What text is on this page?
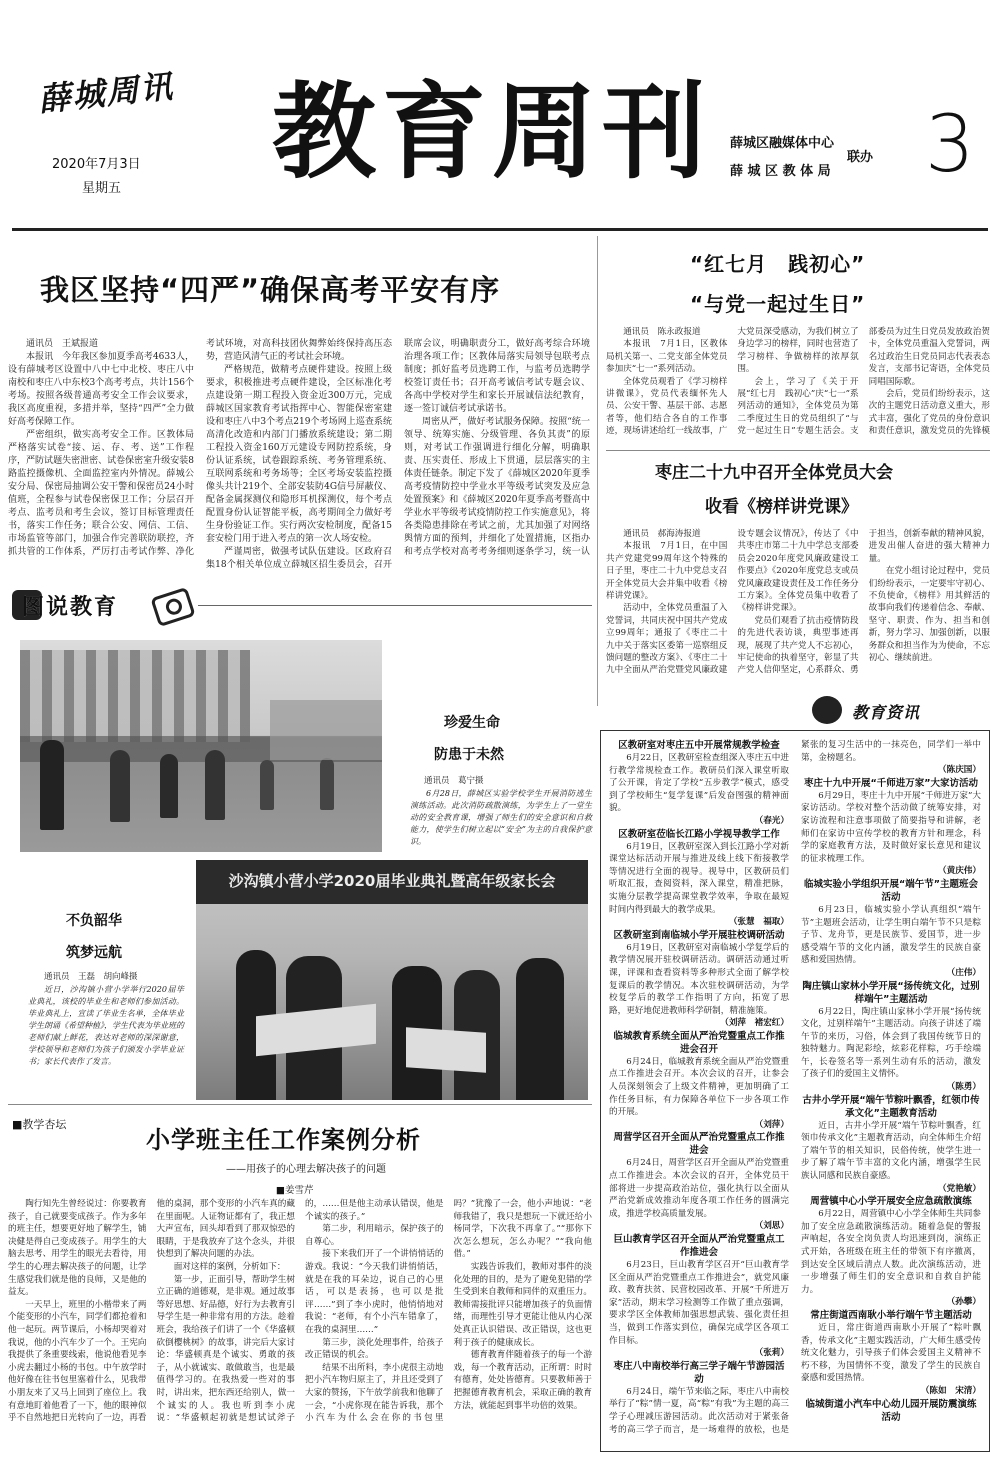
薛城周讯
2020年7月3日
星期五 教育周刊 薛城区融媒体中心
薛 城 区 教 体 局
联办 3
我区坚持“四严”确保高考平安有序
通讯员　王斌报道

本报讯　今年我区参加夏季高考4633人，设有薛城考区设置中八中七中北校、枣庄八中南校和枣庄八中东校3个高考考点，共计156个考场。按照各级普通高考安全工作会议要求，我区高度重视，多措并举，坚持“四严”全力做好高考保障工作。

严密组织，做实高考安全工作。区教体局严格落实试卷“接、运、存、考、送”工作程序，严防试题失密泄密、试卷保密室升级安装8路监控摄像机、全面监控室内外情况。薛城公安分局、保密局抽调公安干警和保密员24小时值班，全程参与试卷保密保卫工作；分层召开考点、监考员和考生会议，签订目标管理责任书，落实工作任务；联合公安、网信、工信、市场监管等部门，加强合作完善联防联控，齐抓共管的工作体系，严厉打击考试作弊、净化考试环境，对高科技团伙舞弊始终保持高压态势，营造风清气正的考试社会环境。

严格规范，做精考点硬件建设。按照上级要求，积极推进考点硬件建设，全区标准化考点建设第一期工程投入资金近300万元，完成薛城区国家教育考试指挥中心、智能保密室建设和枣庄八中3个考点219个考场网上巡查系统高清化改造和内部门门播放系统建设；第二期工程投入资金160万元建设专网防控系统，身份认证系统，试卷跟踪系统、考务管理系统、互联网系统和考务场等；全区考场安装监控摄像头共计219个、全部安装防4G信号屏蔽仪、配备金属探测仪和隐形耳机探测仪，每个考点配置身份认证智能平板，高考期间全力做好考生身份验证工作。实行两次安检制度，配备15套安检门用于进入考点的第一次人场安检。

严谨周密，做强考试队伍建设。区政府召集18个相关单位成立薛城区招生委员会，召开联席会议，明确职责分工，做好高考综合环境治理各项工作；区教体局落实局领导包联考点制度；抓好监考员选聘工作，与监考员选聘学校签订责任书；召开高考诚信考试专题会议、各高中学校对学生和家长开展诚信法纪教育，逐一签订诚信考试承诺书。

周密从严，做好考试服务保障。按照“统一领导、统筹实施、分级管理、各负其责”的原则，对考试工作强调进行细化分解，明确职责、压实责任、形成上下贯通，层层落实的主体责任链条。制定下发了《薛城区2020年夏季高考疫情防控中学业水平等级考试突发及应急处置预案》和《薛城区2020年夏季高考暨高中学业水平等级考试疫情防控工作实施意见》，将各类隐患排除在考试之前，尤其加强了对网络舆情方面的预判，并细化了处置措施，区指办和考点学校对高考考务细则逐条学习，统一认

“红七月　践初心”
“与党一起过生日”
通讯员　陈永政报道

本报讯　7月1日，区教体局机关第一、二党支部全体党员参加庆“七一”系列活动。

全体党员观看了《学习榜样讲微课》，党员代表缅怀先人员、公安干警、基层干部、志愿者等，他们结合各自的工作事迹，现场讲述给红一线故事，广大党员深受感动，为我们树立了身边学习的榜样，同时也营造了学习榜样、争做榜样的浓厚氛围。

会上，学习了《关于开展“红七月　践初心”庆“七一”系列活动的通知》，全体党员为第二季度过生日的党员组织了“与党一起过生日”专题生活会。支部委员为过生日党员发放政治贺卡，全体党员重温入党誓词，两名过政治生日党员同志代表表态发言，支部书记寄语，全体党员同唱国际歌。

会后，党员们纷纷表示，这次的主题党日活动意义重大，形式丰富，强化了党员的身份意识和责任意识，激发党员的先锋模

枣庄二十九中召开全体党员大会
收看《榜样讲党课》
通讯员　郝海涛报道

本报讯　7月1日，在中国共产党建党99周年这个特殊的日子里，枣庄二十九中党总支召开全体党员大会并集中收看《榜样讲党课》。

活动中，全体党员重温了入党誓词，共同庆祝中国共产党成立99周年；通报了《枣庄二十九中关于落实区委第一巡察组反馈问题的整改方案》、《枣庄二十九中全面从严治党暨党风廉政建设专题会议情况》，传达了《中共枣庄市第二十九中学总支部委员会2020年度党风廉政建设工作要点》《2020年度党总支或员党风廉政建设责任及工作任务分工方案》。全体党员集中收看了《榜样讲党课》。

党员们观看了抗击疫情防段的先进代表访谈，典型事迹再现，展现了共产党人不忘初心，牢记使命的执着坚守，彰显了共产党人信仰坚定，心系群众、勇于担当，创新奉献的精神风貌，进发出催人奋进的强大精神力量。

在党小组讨论过程中，党员们纷纷表示，一定要牢守初心、不负使命，《榜样》用其鲜活的故事向我们传递着信念、奉献、坚守、职责、作为、担当和创新，努力学习、加强创新，以服务群众和担当作为为使命，不忘初心、继续前进。

图说教育
珍爱生命
防患于未然
通讯员　葛宁摄
6月28日，薛城区实验学校学生开展消防逃生演练活动。此次消防疏散演练，为学生上了一堂生动的安全教育课，增强了师生们的安全意识和自救能力，使学生们树立起以“安全”为主的自我保护意识。
沙沟镇小营小学2020届毕业典礼暨高年级家长会
不负韶华
筑梦远航
通讯员　王磊　胡向峰摄
近日，沙沟镇小营小学举行2020届毕业典礼，该校的毕业生和老师们参加活动。毕业典礼上，宣读了毕业生名单，全体毕业学生朗诵《希望种植》，学生代表为毕业班的老师们献上鲜花，表达对老师的深深谢意，学校领导和老师们为孩子们颁发小学毕业证书；家长代表作了发言。
■教学杏坛
小学班主任工作案例分析
——用孩子的心理去解决孩子的问题
■姜雪芹

陶行知先生曾经说过：你要教育孩子，自己就要变成孩子。作为多年的班主任，想要更好地了解学生，铺决健是得自己变成孩子。用学生的大脑去思考、用学生的眼光去看待，用学生的心理去解决孩子的问题，让学生感觉我们就是他的良师，又是他的益友。

一天早上，班里的小楷带来了两个能变形的小汽车，同学们都抢着和他一起玩。两节课后，小杨却哭着对我说，他的小汽车少了一个。王宪向我提供了条重要线索，他说他看见李小虎去翻过小杨的书包。中午放学时他好像在往书包里塞着什么，见我带小朋友来了又马上回到了座位上。我有意地盯着他看了一下，他的眼神似乎不自然地把日光转向了一边，再看他的桌洞，那个变形的小汽车真的藏在里面呢。人证物证都有了，我正想大声宣布，回头却看到了那双惊恐的眼睛，于是我放弃了这个念头，并很快想到了解决问题的办法。

面对这样的案例，分析如下：

第一步，正面引导，帮助学生树立正确的道德观，是非观。通过故事等好思想、好品德，好行为去教育引导学生是一种非常有用的方法。趁着班会，我给孩子们讲了一个《华盛顿砍倒樱桃树》的故事，讲完后大家讨论：华盛顿真是个诚实、勇敢的孩子，从小就诚实、敢做敢当，也是最值得学习的。在我热爱一些对的事时，讲出来，把东西还给别人，做一个诚实的人。我也听到李小虎说：“华盛顿起初就是想试试斧子的，……但是他主动承认错误，他是个诚实的孩子。”

第二步，利用暗示，保护孩子的自尊心。

接下来我们开了一个讲悄悄话的游戏。我说：“今天我们讲悄悄话，就是在我的耳朵边，说自己的心里话，可以是表扬，也可以是批评……”到了李小虎时，他悄悄地对我说：“老师，有个小汽车错拿了，在我的桌洞里……”

第三步，淡化处理事件，给孩子改正错误的机会。

结果不出所料，李小虎很主动地把小汽车物归原主了，并且还受到了大家的赞扬，下午放学前我和他聊了一会，“小虎你现在能告诉我，那个小汽车为什么会在你的书包里吗？”犹豫了一会，他小声地说：“老师我错了，我只是想玩一下就还给小杨同学，下次我不再拿了。”“那你下次怎么想玩，怎么办呢？”“我向他借。”

实践告诉我们，教师对事件的淡化处理的目的，是为了避免犯错的学生受到来自教师和同伴的双重压力。教师需接批评只能增加孩子的负面情绪，而理性引导才更能让他从内心深处真正认识错误、改正错误，这也更利于孩子的健康成长。

德育教育伴随着孩子的每一个游戏，每一个教育活动，正所谓：时时有德育，处处皆德育。只要教师善于把握德育教育机会，采取正确的教育方法，就能起到事半功倍的效果。

教育资讯
区教研室对枣庄五中开展常规教学检查

6月22日，区教研室检查组深入枣庄五中进行教学常规检查工作。教研员们深入课堂听取了公开课，肯定了学校“五步教学”模式，感受到了学校师生“复学复课”后发奋图强的精神面貌。

（春光）
区教研室莅临长江路小学视导教学工作

6月19日，区教研室深入到长江路小学对新课堂达标活动开展与推进及线上线下衔接教学等情况进行全面的视导。视导中，区教研员们听取汇报，查阅资料，深入课堂，精准把脉，实施分层教学提高课堂教学效率，争取在最短时间内得到最大的教学成果。

（张慧　福取）
区教研室到南临城小学开展驻校调研活动

6月19日，区教研室对南临城小学复学后的教学情况展开驻校调研活动。调研活动通过听课，评课和查看资料等多种形式全面了解学校复课后的教学情况。本次驻校调研活动，为学校复学后的教学工作指明了方向，拓宽了思路，更好地促进教师科学研制，精准施策。

（刘萍　褚宏红）
临城教育系统全面从严治党暨重点工作推进会召开

6月24日，临城教育系统全面从严治党暨重点工作推进会召开。本次会议的召开，让参会人员深刻领会了上级文件精神，更加明确了工作任务目标，有力保障各单位下一步各项工作的开展。

（刘萍）
周营学区召开全面从严治党暨重点工作推进会

6月24日，周营学区召开全面从严治党暨重点工作推进会。本次会议的召开，全体党员干部将进一步提高政治站位，强化执行以全面从严治党新成效推动年度各项工作任务的圆满完成，推进学校高质量发展。

（刘思）
巨山教育学区召开全面从严治党暨重点工作推进会

6月23日，巨山教育学区召开“巨山教育学区全面从严治党暨重点工作推进会”，就党风廉政、教育扶贫、民营校园改革、开展“千所进万家”活动，期末学习检测等工作做了重点强调，要求学区全体教师加强思想武装、强化责任担当，做到工作落实到位，确保完成学区各项工作目标。

（张莉）
枣庄八中南校举行高三学子端午节游园活动

6月24日，端午节来临之际，枣庄八中南校举行了“粽”情一夏，高“粽”有我”为主题的高三学子心理减压游园活动。此次活动对于紧张备考的高三学子而言，是一场难得的放松，也是紧张的复习生活中的一抹亮色，同学们一举中第，金榜题名。

（陈庆国）
枣庄十九中开展“千师进万家”大家访活动

6月29日，枣庄十九中开展“千师进万家”大家访活动。学校对整个活动做了统筹安排，对家访流程和注意事项做了简要指导和讲解，老师们在家访中宣传学校的教育方针和理念，科学的家庭教育方法，及时做好家长意见和建议的征求梳理工作。

（黄庆伟）
临城实验小学组织开展“端午节”主题班会活动

6月23日，临城实验小学认真组织“端午节”主题班会活动，让学生明白端午节不只是粽子节、龙舟节，更是民族节、爱国节，进一步感受端午节的文化内涵，激发学生的民族自豪感和爱国热情。

（庄伟）
陶庄镇山家林小学开展“扬传统文化，过别样端午”主题活动

6月22日，陶庄镇山家林小学开展“扬传统文化，过别样端午”主题活动。向孩子讲述了端午节的来历，习俗，体会到了我国传统节日的独特魅力。陶泥彩绘，炫彩花样粽，巧手绘端午，长卷签名等一系列生动有乐的活动，激发了孩子们的爱国主义情怀。

（陈勇）
古井小学开展“端午节粽叶飘香，红领巾传承文化”主题教育活动

近日，古井小学开展“端午节粽叶飘香，红领巾传承文化”主题教育活动，向全体师生介绍了端午节的相关知识，民俗传统，使学生进一步了解了端午节丰富的文化内涵，增强学生民族认同感和民族自豪感。

（党艳敏）
周营镇中心小学开展安全应急疏散演练

6月22日，周营镇中心小学全体师生共同参加了安全应急疏散演练活动。随着急促的警报声响起，各安全岗负责人均迅速到岗，演练正式开始，各班级在班主任的带领下有序撤离，到达安全区域后清点人数。此次演练活动，进一步增强了师生们的安全意识和自救自护能力。

（孙攀）
常庄街道西南耿小举行端午节主题活动

近日，常庄街道西南耿小开展了“粽叶飘香，传承文化”主题实践活动，广大师生感受传统文化魅力，引导孩子们体会爱国主义精神不朽不移，为国情怀不变，激发了学生的民族自豪感和爱国热情。

（陈如　宋清）
临城街道小汽车中心幼儿园开展防震演练活动
